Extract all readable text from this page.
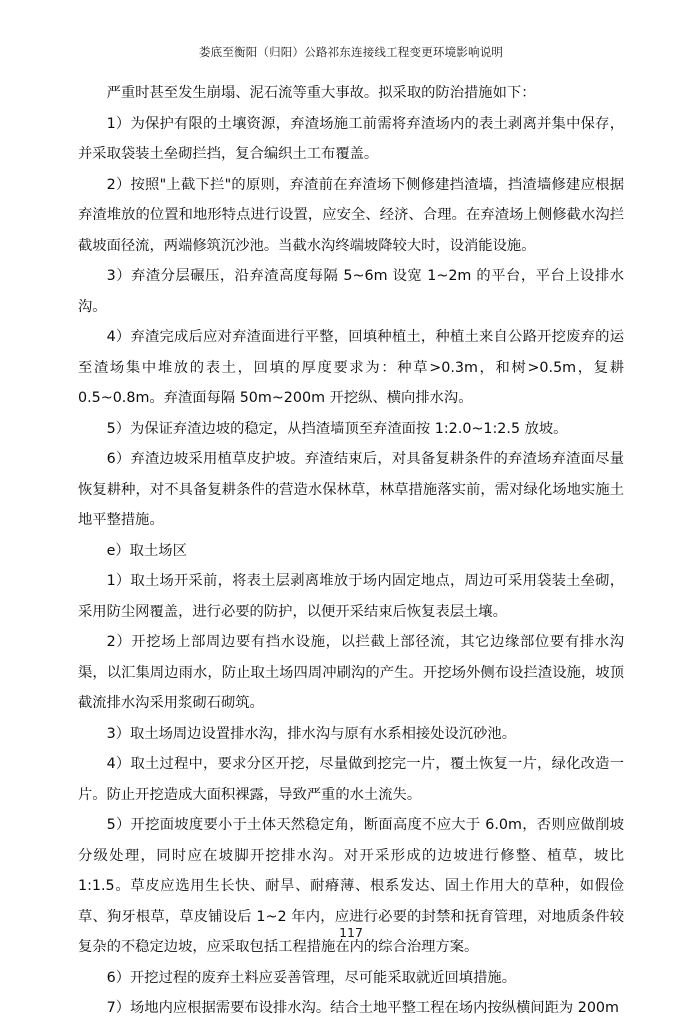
娄底至衡阳（归阳）公路祁东连接线工程变更环境影响说明

严重时甚至发生崩塌、泥石流等重大事故。拟采取的防治措施如下：

1）为保护有限的土壤资源，弃渣场施工前需将弃渣场内的表土剥离并集中保存，并采取袋装土垒砌拦挡，复合编织土工布覆盖。

2）按照"上截下拦"的原则，弃渣前在弃渣场下侧修建挡渣墙，挡渣墙修建应根据弃渣堆放的位置和地形特点进行设置，应安全、经济、合理。在弃渣场上侧修截水沟拦截坡面径流，两端修筑沉沙池。当截水沟终端坡降较大时，设消能设施。

3）弃渣分层碾压，沿弃渣高度每隔 5~6m 设宽 1~2m 的平台，平台上设排水沟。

4）弃渣完成后应对弃渣面进行平整，回填种植土，种植土来自公路开挖废弃的运至渣场集中堆放的表土，回填的厚度要求为：种草>0.3m，和树>0.5m，复耕 0.5~0.8m。弃渣面每隔 50m~200m 开挖纵、横向排水沟。

5）为保证弃渣边坡的稳定，从挡渣墙顶至弃渣面按 1:2.0~1:2.5 放坡。

6）弃渣边坡采用植草皮护坡。弃渣结束后，对具备复耕条件的弃渣场弃渣面尽量恢复耕种，对不具备复耕条件的营造水保林草，林草措施落实前，需对绿化场地实施土地平整措施。

e）取土场区

1）取土场开采前，将表土层剥离堆放于场内固定地点，周边可采用袋装土垒砌，采用防尘网覆盖，进行必要的防护，以便开采结束后恢复表层土壤。

2）开挖场上部周边要有挡水设施，以拦截上部径流，其它边缘部位要有排水沟渠，以汇集周边雨水，防止取土场四周冲刷沟的产生。开挖场外侧布设拦渣设施，坡顶截流排水沟采用浆砌石砌筑。

3）取土场周边设置排水沟，排水沟与原有水系相接处设沉砂池。

4）取土过程中，要求分区开挖，尽量做到挖完一片，覆土恢复一片，绿化改造一片。防止开挖造成大面积裸露，导致严重的水土流失。

5）开挖面坡度要小于土体天然稳定角，断面高度不应大于 6.0m，否则应做削坡分级处理，同时应在坡脚开挖排水沟。对开采形成的边坡进行修整、植草，坡比 1:1.5。草皮应选用生长快、耐旱、耐瘠薄、根系发达、固土作用大的草种，如假俭草、狗牙根草，草皮铺设后 1~2 年内，应进行必要的封禁和抚育管理，对地质条件较复杂的不稳定边坡，应采取包括工程措施在内的综合治理方案。

6）开挖过程的废弃土料应妥善管理，尽可能采取就近回填措施。

7）场地内应根据需要布设排水沟。结合土地平整工程在场内按纵横间距为 200m

117
